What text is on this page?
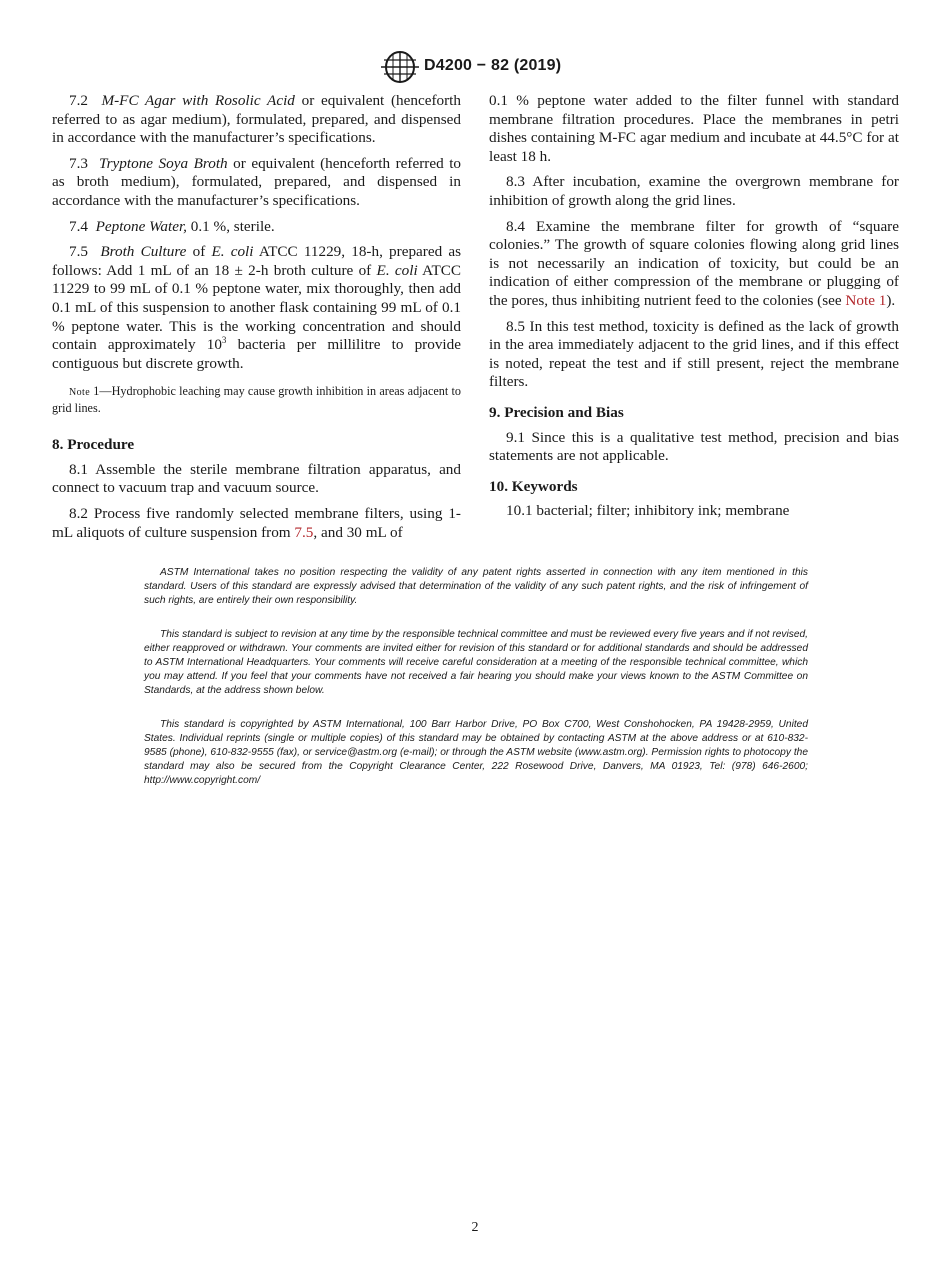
D4200 − 82 (2019)

7.2 M-FC Agar with Rosolic Acid or equivalent (henceforth referred to as agar medium), formulated, prepared, and dispensed in accordance with the manufacturer’s specifications.

7.3 Tryptone Soya Broth or equivalent (henceforth referred to as broth medium), formulated, prepared, and dispensed in accordance with the manufacturer’s specifications.

7.4 Peptone Water, 0.1 %, sterile.

7.5 Broth Culture of E. coli ATCC 11229, 18-h, prepared as follows: Add 1 mL of an 18 ± 2-h broth culture of E. coli ATCC 11229 to 99 mL of 0.1 % peptone water, mix thoroughly, then add 0.1 mL of this suspension to another flask containing 99 mL of 0.1 % peptone water. This is the working concentration and should contain approximately $10^3$ bacteria per millilitre to provide contiguous but discrete growth.

Note 1—Hydrophobic leaching may cause growth inhibition in areas adjacent to grid lines.

8. Procedure

8.1 Assemble the sterile membrane filtration apparatus, and connect to vacuum trap and vacuum source.

8.2 Process five randomly selected membrane filters, using 1-mL aliquots of culture suspension from 7.5, and 30 mL of

0.1 % peptone water added to the filter funnel with standard membrane filtration procedures. Place the membranes in petri dishes containing M-FC agar medium and incubate at 44.5°C for at least 18 h.

8.3 After incubation, examine the overgrown membrane for inhibition of growth along the grid lines.

8.4 Examine the membrane filter for growth of “square colonies.” The growth of square colonies flowing along grid lines is not necessarily an indication of toxicity, but could be an indication of either compression of the membrane or plugging of the pores, thus inhibiting nutrient feed to the colonies (see Note 1).

8.5 In this test method, toxicity is defined as the lack of growth in the area immediately adjacent to the grid lines, and if this effect is noted, repeat the test and if still present, reject the membrane filters.

9. Precision and Bias

9.1 Since this is a qualitative test method, precision and bias statements are not applicable.

10. Keywords

10.1 bacterial; filter; inhibitory ink; membrane

ASTM International takes no position respecting the validity of any patent rights asserted in connection with any item mentioned in this standard. Users of this standard are expressly advised that determination of the validity of any such patent rights, and the risk of infringement of such rights, are entirely their own responsibility.

This standard is subject to revision at any time by the responsible technical committee and must be reviewed every five years and if not revised, either reapproved or withdrawn. Your comments are invited either for revision of this standard or for additional standards and should be addressed to ASTM International Headquarters. Your comments will receive careful consideration at a meeting of the responsible technical committee, which you may attend. If you feel that your comments have not received a fair hearing you should make your views known to the ASTM Committee on Standards, at the address shown below.

This standard is copyrighted by ASTM International, 100 Barr Harbor Drive, PO Box C700, West Conshohocken, PA 19428-2959, United States. Individual reprints (single or multiple copies) of this standard may be obtained by contacting ASTM at the above address or at 610-832-9585 (phone), 610-832-9555 (fax), or service@astm.org (e-mail); or through the ASTM website (www.astm.org). Permission rights to photocopy the standard may also be secured from the Copyright Clearance Center, 222 Rosewood Drive, Danvers, MA 01923, Tel: (978) 646-2600; http://www.copyright.com/

2
